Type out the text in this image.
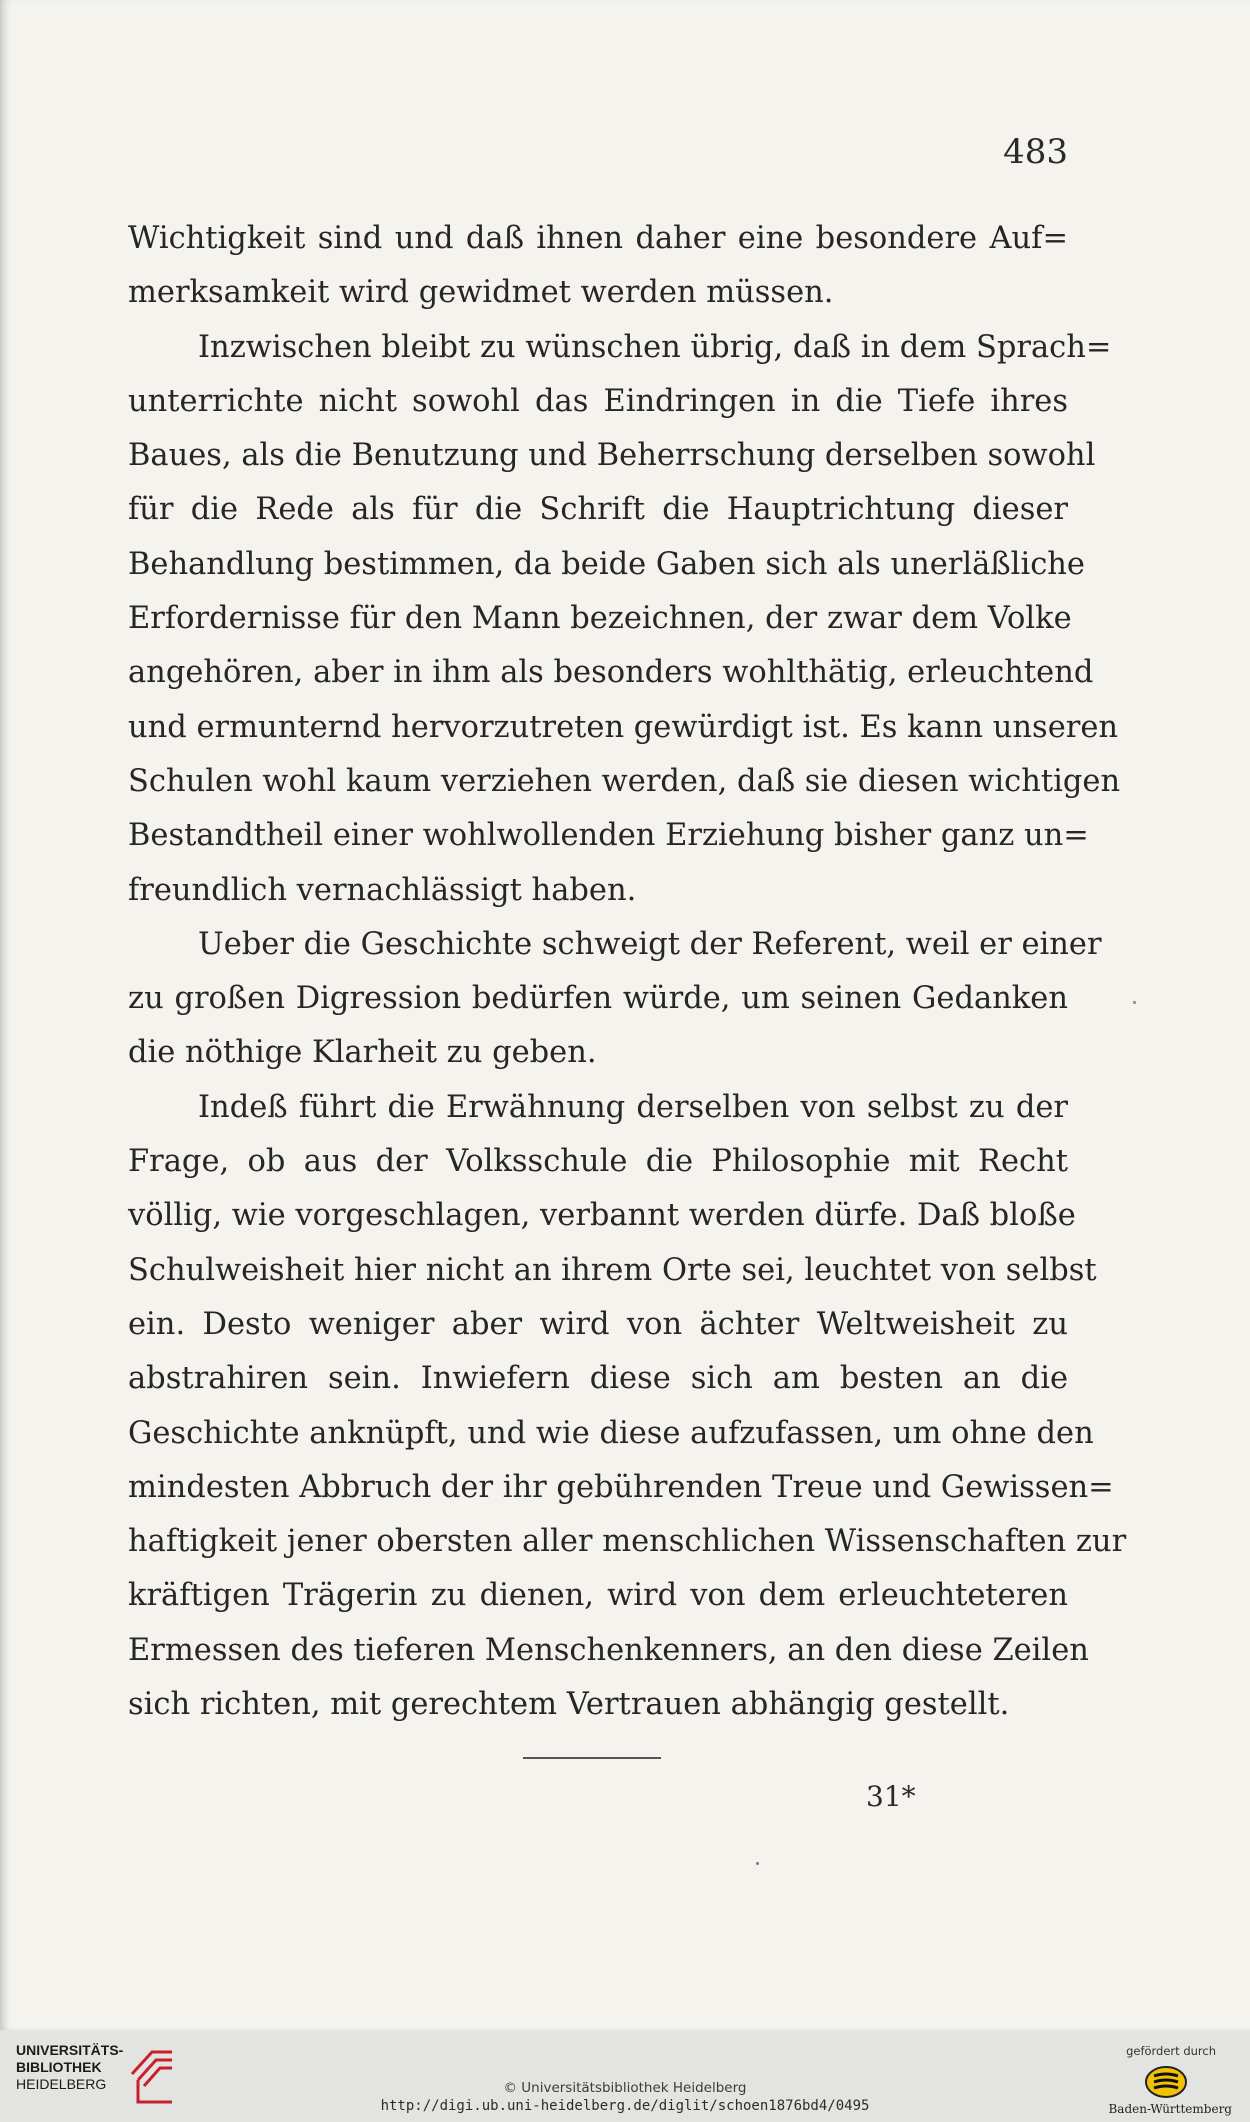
483
Wichtigkeit sind und daß ihnen daher eine besondere Auf=
merksamkeit wird gewidmet werden müssen.
Inzwischen bleibt zu wünschen übrig, daß in dem Sprach=
unterrichte nicht sowohl das Eindringen in die Tiefe ihres
Baues, als die Benutzung und Beherrschung derselben sowohl
für die Rede als für die Schrift die Hauptrichtung dieser
Behandlung bestimmen, da beide Gaben sich als unerläßliche
Erfordernisse für den Mann bezeichnen, der zwar dem Volke
angehören, aber in ihm als besonders wohlthätig, erleuchtend
und ermunternd hervorzutreten gewürdigt ist. Es kann unseren
Schulen wohl kaum verziehen werden, daß sie diesen wichtigen
Bestandtheil einer wohlwollenden Erziehung bisher ganz un=
freundlich vernachlässigt haben.
Ueber die Geschichte schweigt der Referent, weil er einer
zu großen Digression bedürfen würde, um seinen Gedanken
die nöthige Klarheit zu geben.
Indeß führt die Erwähnung derselben von selbst zu der
Frage, ob aus der Volksschule die Philosophie mit Recht
völlig, wie vorgeschlagen, verbannt werden dürfe. Daß bloße
Schulweisheit hier nicht an ihrem Orte sei, leuchtet von selbst
ein. Desto weniger aber wird von ächter Weltweisheit zu
abstrahiren sein. Inwiefern diese sich am besten an die
Geschichte anknüpft, und wie diese aufzufassen, um ohne den
mindesten Abbruch der ihr gebührenden Treue und Gewissen=
haftigkeit jener obersten aller menschlichen Wissenschaften zur
kräftigen Trägerin zu dienen, wird von dem erleuchteteren
Ermessen des tieferen Menschenkenners, an den diese Zeilen
sich richten, mit gerechtem Vertrauen abhängig gestellt.
31*
UNIVERSITÄTS-
BIBLIOTHEK
HEIDELBERG	© Universitätsbibliothek Heidelberg
http://digi.ub.uni-heidelberg.de/diglit/schoen1876bd4/0495
gefördert durch
Baden-Württemberg
